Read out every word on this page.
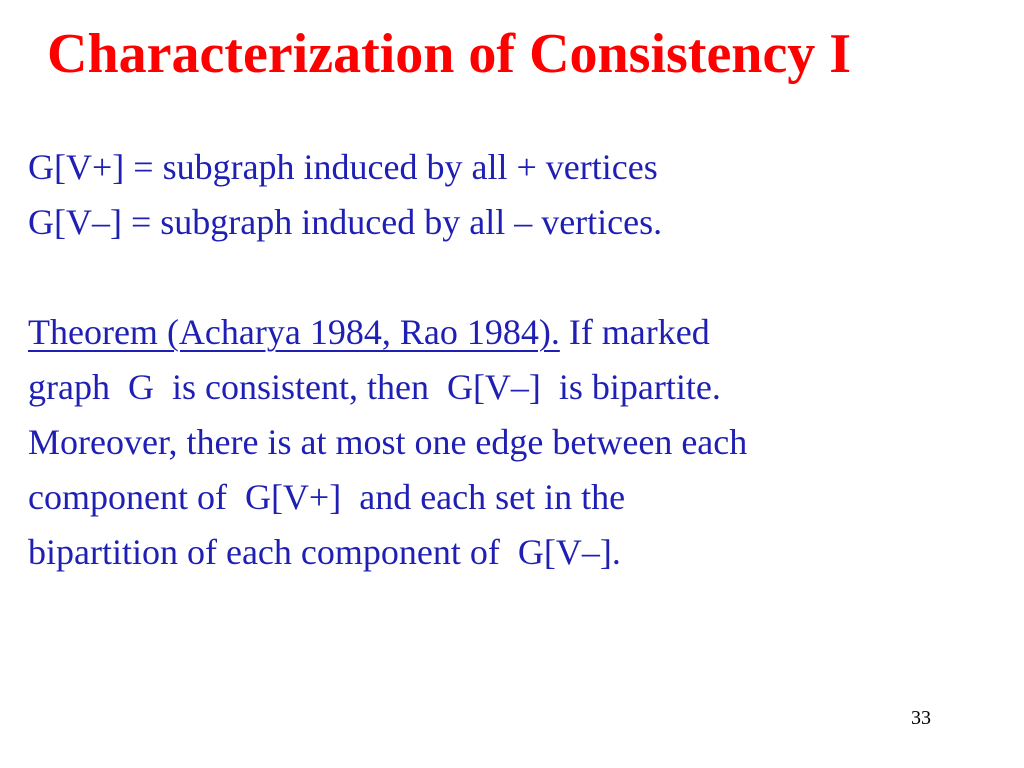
Characterization of Consistency I
G[V+] = subgraph induced by all + vertices
G[V–] = subgraph induced by all – vertices.
Theorem (Acharya 1984, Rao 1984). If marked
graph  G  is consistent, then  G[V–]  is bipartite.
Moreover, there is at most one edge between each
component of  G[V+]  and each set in the
bipartition of each component of  G[V–].
33
